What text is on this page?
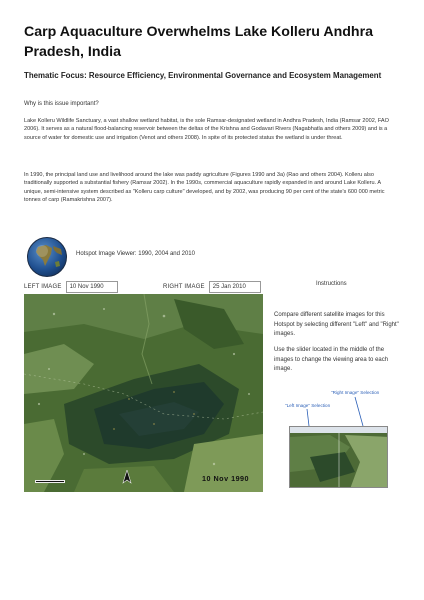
Carp Aquaculture Overwhelms Lake Kolleru Andhra Pradesh, India
Thematic Focus: Resource Efficiency, Environmental Governance and Ecosystem Management
Why is this issue important?
Lake Kolleru Wildlife Sanctuary, a vast shallow wetland habitat, is the sole Ramsar-designated wetland in Andhra Pradesh, India (Ramsar 2002, FAO 2006). It serves as a natural flood-balancing reservoir between the deltas of the Krishna and Godavari Rivers (Nagabhatla and others 2009) and is a source of water for domestic use and irrigation (Venot and others 2008). In spite of its protected status the wetland is under threat.
In 1990, the principal land use and livelihood around the lake was paddy agriculture (Figures 1990 and 3a) (Rao and others 2004). Kolleru also traditionally supported a substantial fishery (Ramsar 2002). In the 1990s, commercial aquaculture rapidly expanded in and around Lake Kolleru. A unique, semi-intensive system described as "Kolleru carp culture" developed, and by 2002, was producing 90 per cent of the state's 600 000 metric tonnes of carp (Ramakrishna 2007).
Hotspot Image Viewer: 1990, 2004 and 2010
Instructions
LEFT IMAGE	10 Nov 1990	RIGHT IMAGE	25 Jan 2010
10 Nov 1990
Compare different satellite images for this Hotspot by selecting different "Left" and "Right" images.
Use the slider located in the middle of the images to change the viewing area to each image.
"Right Image" Selection
"Left Image" Selection
